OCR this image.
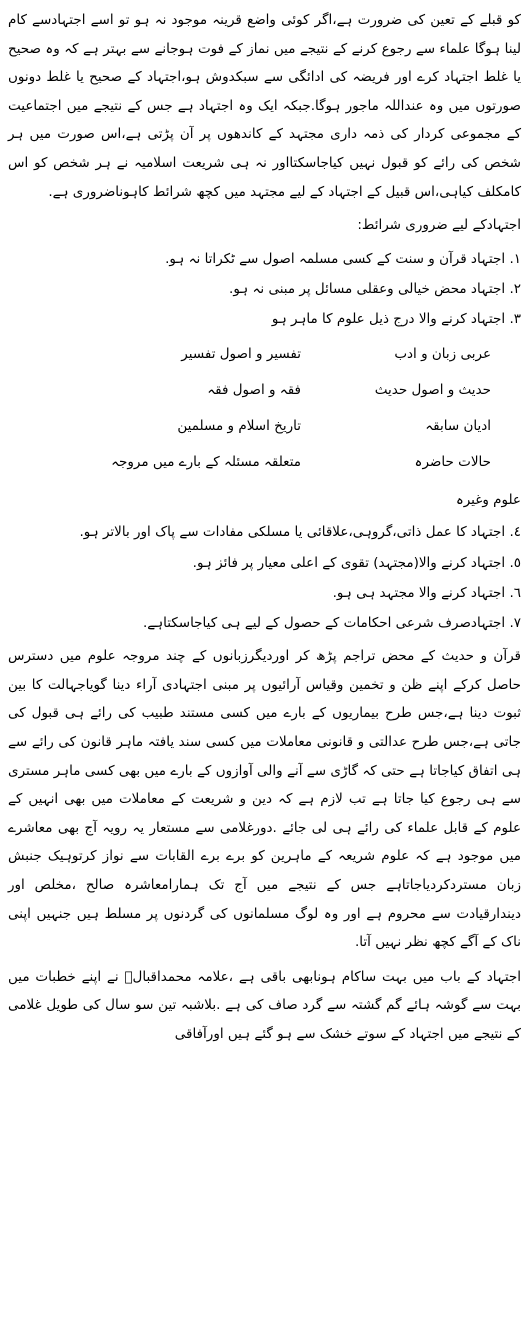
کو قبلے کے تعین کی ضرورت ہے،اگر کوئی واضع قرینہ موجود نہ ہو تو اسے اجتہادسے کام لینا ہوگا علماء سے رجوع کرنے کے نتیجے میں نماز کے فوت ہوجانے سے بہتر ہے کہ وہ صحیح یا غلط اجتہاد کرے اور فریضہ کی ادائگی سے سبکدوش ہو،اجتہاد کے صحیح یا غلط دونوں صورتوں میں وہ عنداللہ ماجور ہوگا.جبکہ ایک وہ اجتہاد ہے جس کے نتیجے میں اجتماعیت کے مجموعی کردار کی ذمہ داری مجتہد کے کاندھوں پر آن پڑتی ہے،اس صورت میں ہر شخص کی رائے کو قبول نہیں کیاجاسکتااور نہ ہی شریعت اسلامیہ نے ہر شخص کو اس کامکلف کیاہی،اس قبیل کے اجتہاد کے لیے مجتہد میں کچھ شرائط کاہوناضروری ہے.

اجتہادکے لیے ضروری شرائط:

١. اجتہاد قرآن و سنت کے کسی مسلمہ اصول سے ٹکراتا نہ ہو.

٢. اجتہاد محض خیالی وعقلی مسائل پر مبنی نہ ہو.

٣. اجتہاد کرنے والا درج ذیل علوم کا ماہر ہو

عربی زبان و ادب
تفسیر و اصول تفسیر
حدیث و اصول حدیث
فقہ و اصول فقہ
ادیان سابقہ
تاریخ اسلام و مسلمین
حالات حاضرہ
متعلقہ مسئلہ کے بارے میں مروجہ

علوم وغیرہ

٤. اجتہاد کا عمل ذاتی،گروہی،علاقائی یا مسلکی مفادات سے پاک اور بالاتر ہو.

٥. اجتہاد کرنے والا(مجتہد) تقوی کے اعلی معیار پر فائز ہو.

٦. اجتہاد کرنے والا مجتہد ہی ہو.

٧. اجتہادصرف شرعی احکامات کے حصول کے لیے ہی کیاجاسکتاہے.

قرآن و حدیث کے محض تراجم پڑھ کر اوردیگرزبانوں کے چند مروجہ علوم میں دسترس حاصل کرکے اپنے ظن و تخمین وقیاس آرائیوں پر مبنی اجتہادی آراء دینا گویاجہالت کا بین ثبوت دینا ہے،جس طرح بیماریوں کے بارے میں کسی مستند طبیب کی رائے ہی قبول کی جاتی ہے،جس طرح عدالتی و قانونی معاملات میں کسی سند یافتہ ماہر قانون کی رائے سے ہی اتفاق کیاجاتا ہے حتی کہ گاڑی سے آنے والی آوازوں کے بارے میں بھی کسی ماہر مستری سے ہی رجوع کیا جاتا ہے تب لازم ہے کہ دین و شریعت کے معاملات میں بھی انہیں کے علوم کے قابل علماء کی رائے ہی لی جائے .دورغلامی سے مستعار یہ رویہ آج بھی معاشرے میں موجود ہے کہ علوم شریعہ کے ماہرین کو برے برے القابات سے نواز کرتوہیک جنبش زبان مستردکردیاجاتاہے جس کے نتیجے میں آج تک ہمارامعاشرہ صالح ،مخلص اور دیندارقیادت سے محروم ہے اور وہ لوگ مسلمانوں کی گردنوں پر مسلط ہیں جنہیں اپنی ناک کے آگے کچھ نظر نہیں آتا.

اجتہاد کے باب میں بہت ساکام ہونابھی باقی ہے ،علامہ محمداقبالؒ نے اپنے خطبات میں بہت سے گوشہ ہائے گم گشتہ سے گرد صاف کی ہے .بلاشبہ تین سو سال کی طویل غلامی کے نتیجے میں اجتہاد کے سوتے خشک سے ہو گئے ہیں اورآفاقی
